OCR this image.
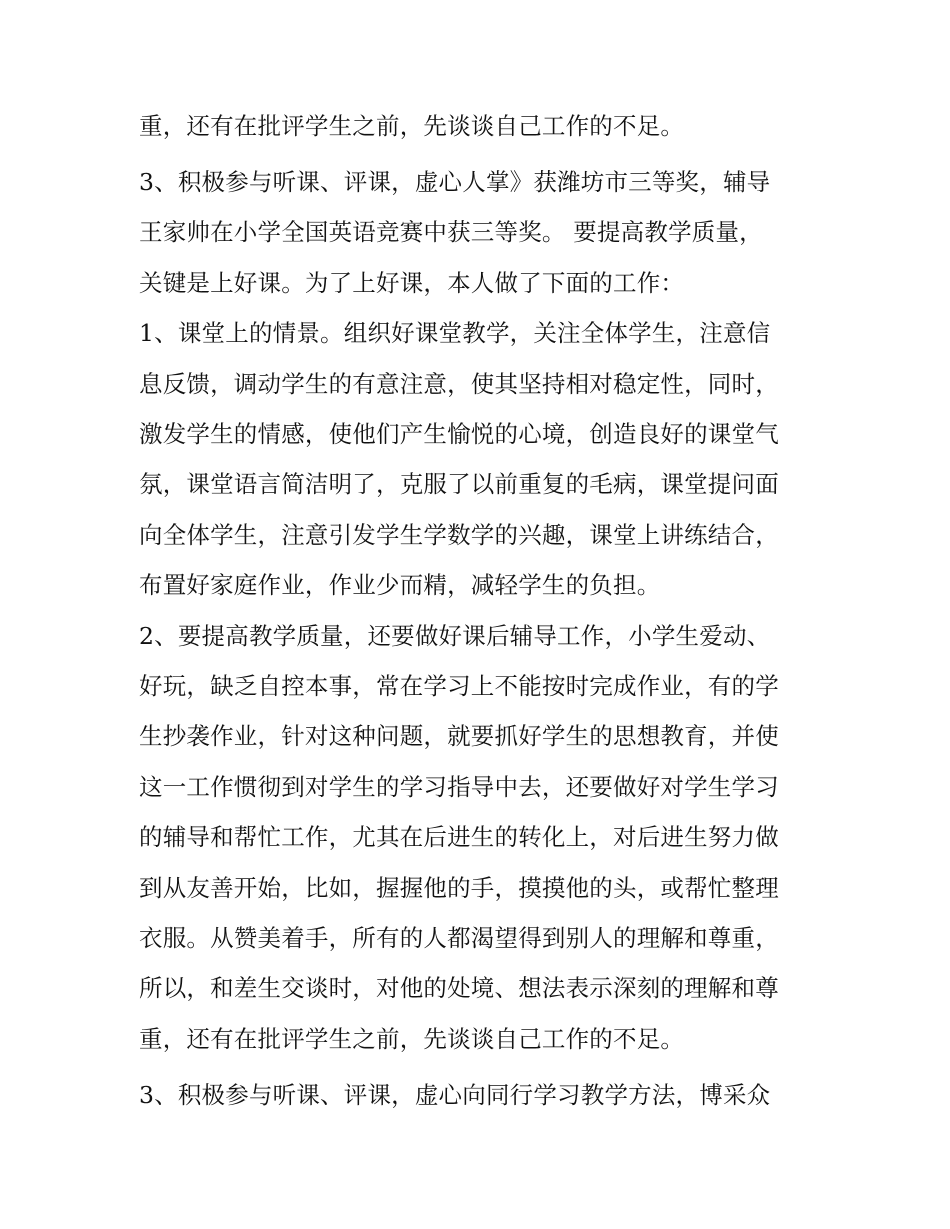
重，还有在批评学生之前，先谈谈自己工作的不足。
3、积极参与听课、评课，虚心人掌》获潍坊市三等奖，辅导
王家帅在小学全国英语竞赛中获三等奖。 要提高教学质量，
关键是上好课。为了上好课，本人做了下面的工作：
1、课堂上的情景。组织好课堂教学，关注全体学生，注意信
息反馈，调动学生的有意注意，使其坚持相对稳定性，同时，
激发学生的情感，使他们产生愉悦的心境，创造良好的课堂气
氛，课堂语言简洁明了，克服了以前重复的毛病，课堂提问面
向全体学生，注意引发学生学数学的兴趣，课堂上讲练结合，
布置好家庭作业，作业少而精，减轻学生的负担。
2、要提高教学质量，还要做好课后辅导工作，小学生爱动、
好玩，缺乏自控本事，常在学习上不能按时完成作业，有的学
生抄袭作业，针对这种问题，就要抓好学生的思想教育，并使
这一工作惯彻到对学生的学习指导中去，还要做好对学生学习
的辅导和帮忙工作，尤其在后进生的转化上，对后进生努力做
到从友善开始，比如，握握他的手，摸摸他的头，或帮忙整理
衣服。从赞美着手，所有的人都渴望得到别人的理解和尊重，
所以，和差生交谈时，对他的处境、想法表示深刻的理解和尊
重，还有在批评学生之前，先谈谈自己工作的不足。
3、积极参与听课、评课，虚心向同行学习教学方法，博采众
